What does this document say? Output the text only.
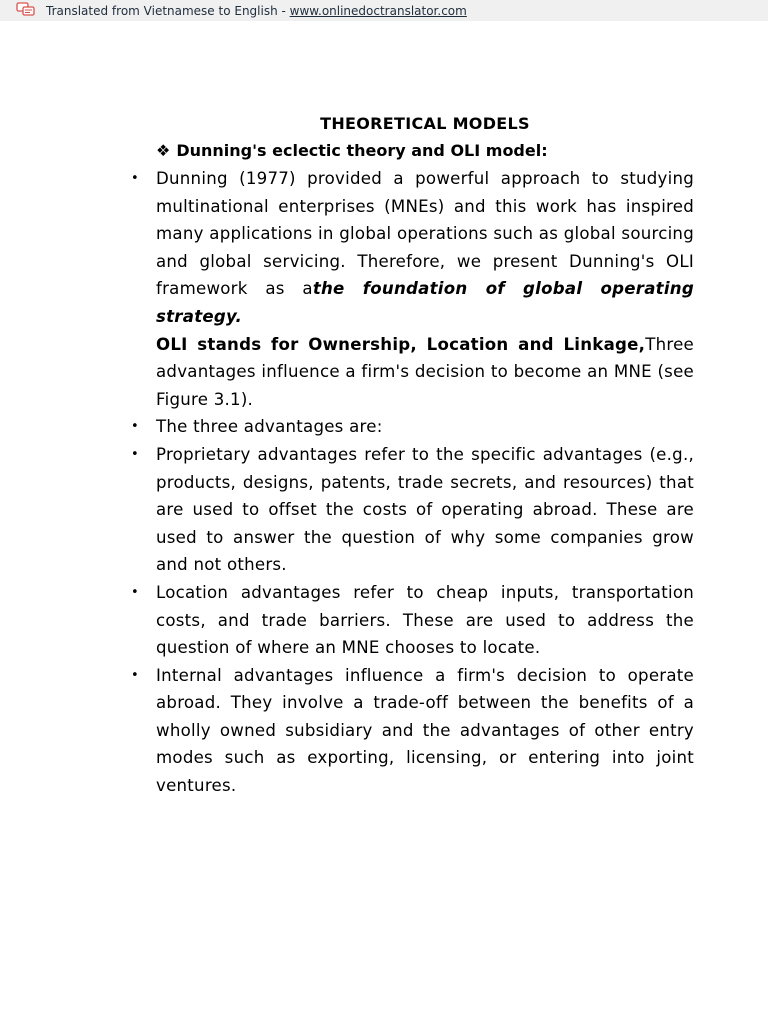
Translated from Vietnamese to English - www.onlinedoctranslator.com
THEORETICAL MODELS
❖ Dunning's eclectic theory and OLI model:

• Dunning (1977) provided a powerful approach to studying multinational enterprises (MNEs) and this work has inspired many applications in global operations such as global sourcing and global servicing. Therefore, we present Dunning's OLI framework as athe foundation of global operating strategy.

OLI stands for Ownership, Location and Linkage,Three advantages influence a firm's decision to become an MNE (see Figure 3.1).

• The three advantages are:

• Proprietary advantages refer to the specific advantages (e.g., products, designs, patents, trade secrets, and resources) that are used to offset the costs of operating abroad. These are used to answer the question of why some companies grow and not others.

• Location advantages refer to cheap inputs, transportation costs, and trade barriers. These are used to address the question of where an MNE chooses to locate.

• Internal advantages influence a firm's decision to operate abroad. They involve a trade-off between the benefits of a wholly owned subsidiary and the advantages of other entry modes such as exporting, licensing, or entering into joint ventures.
